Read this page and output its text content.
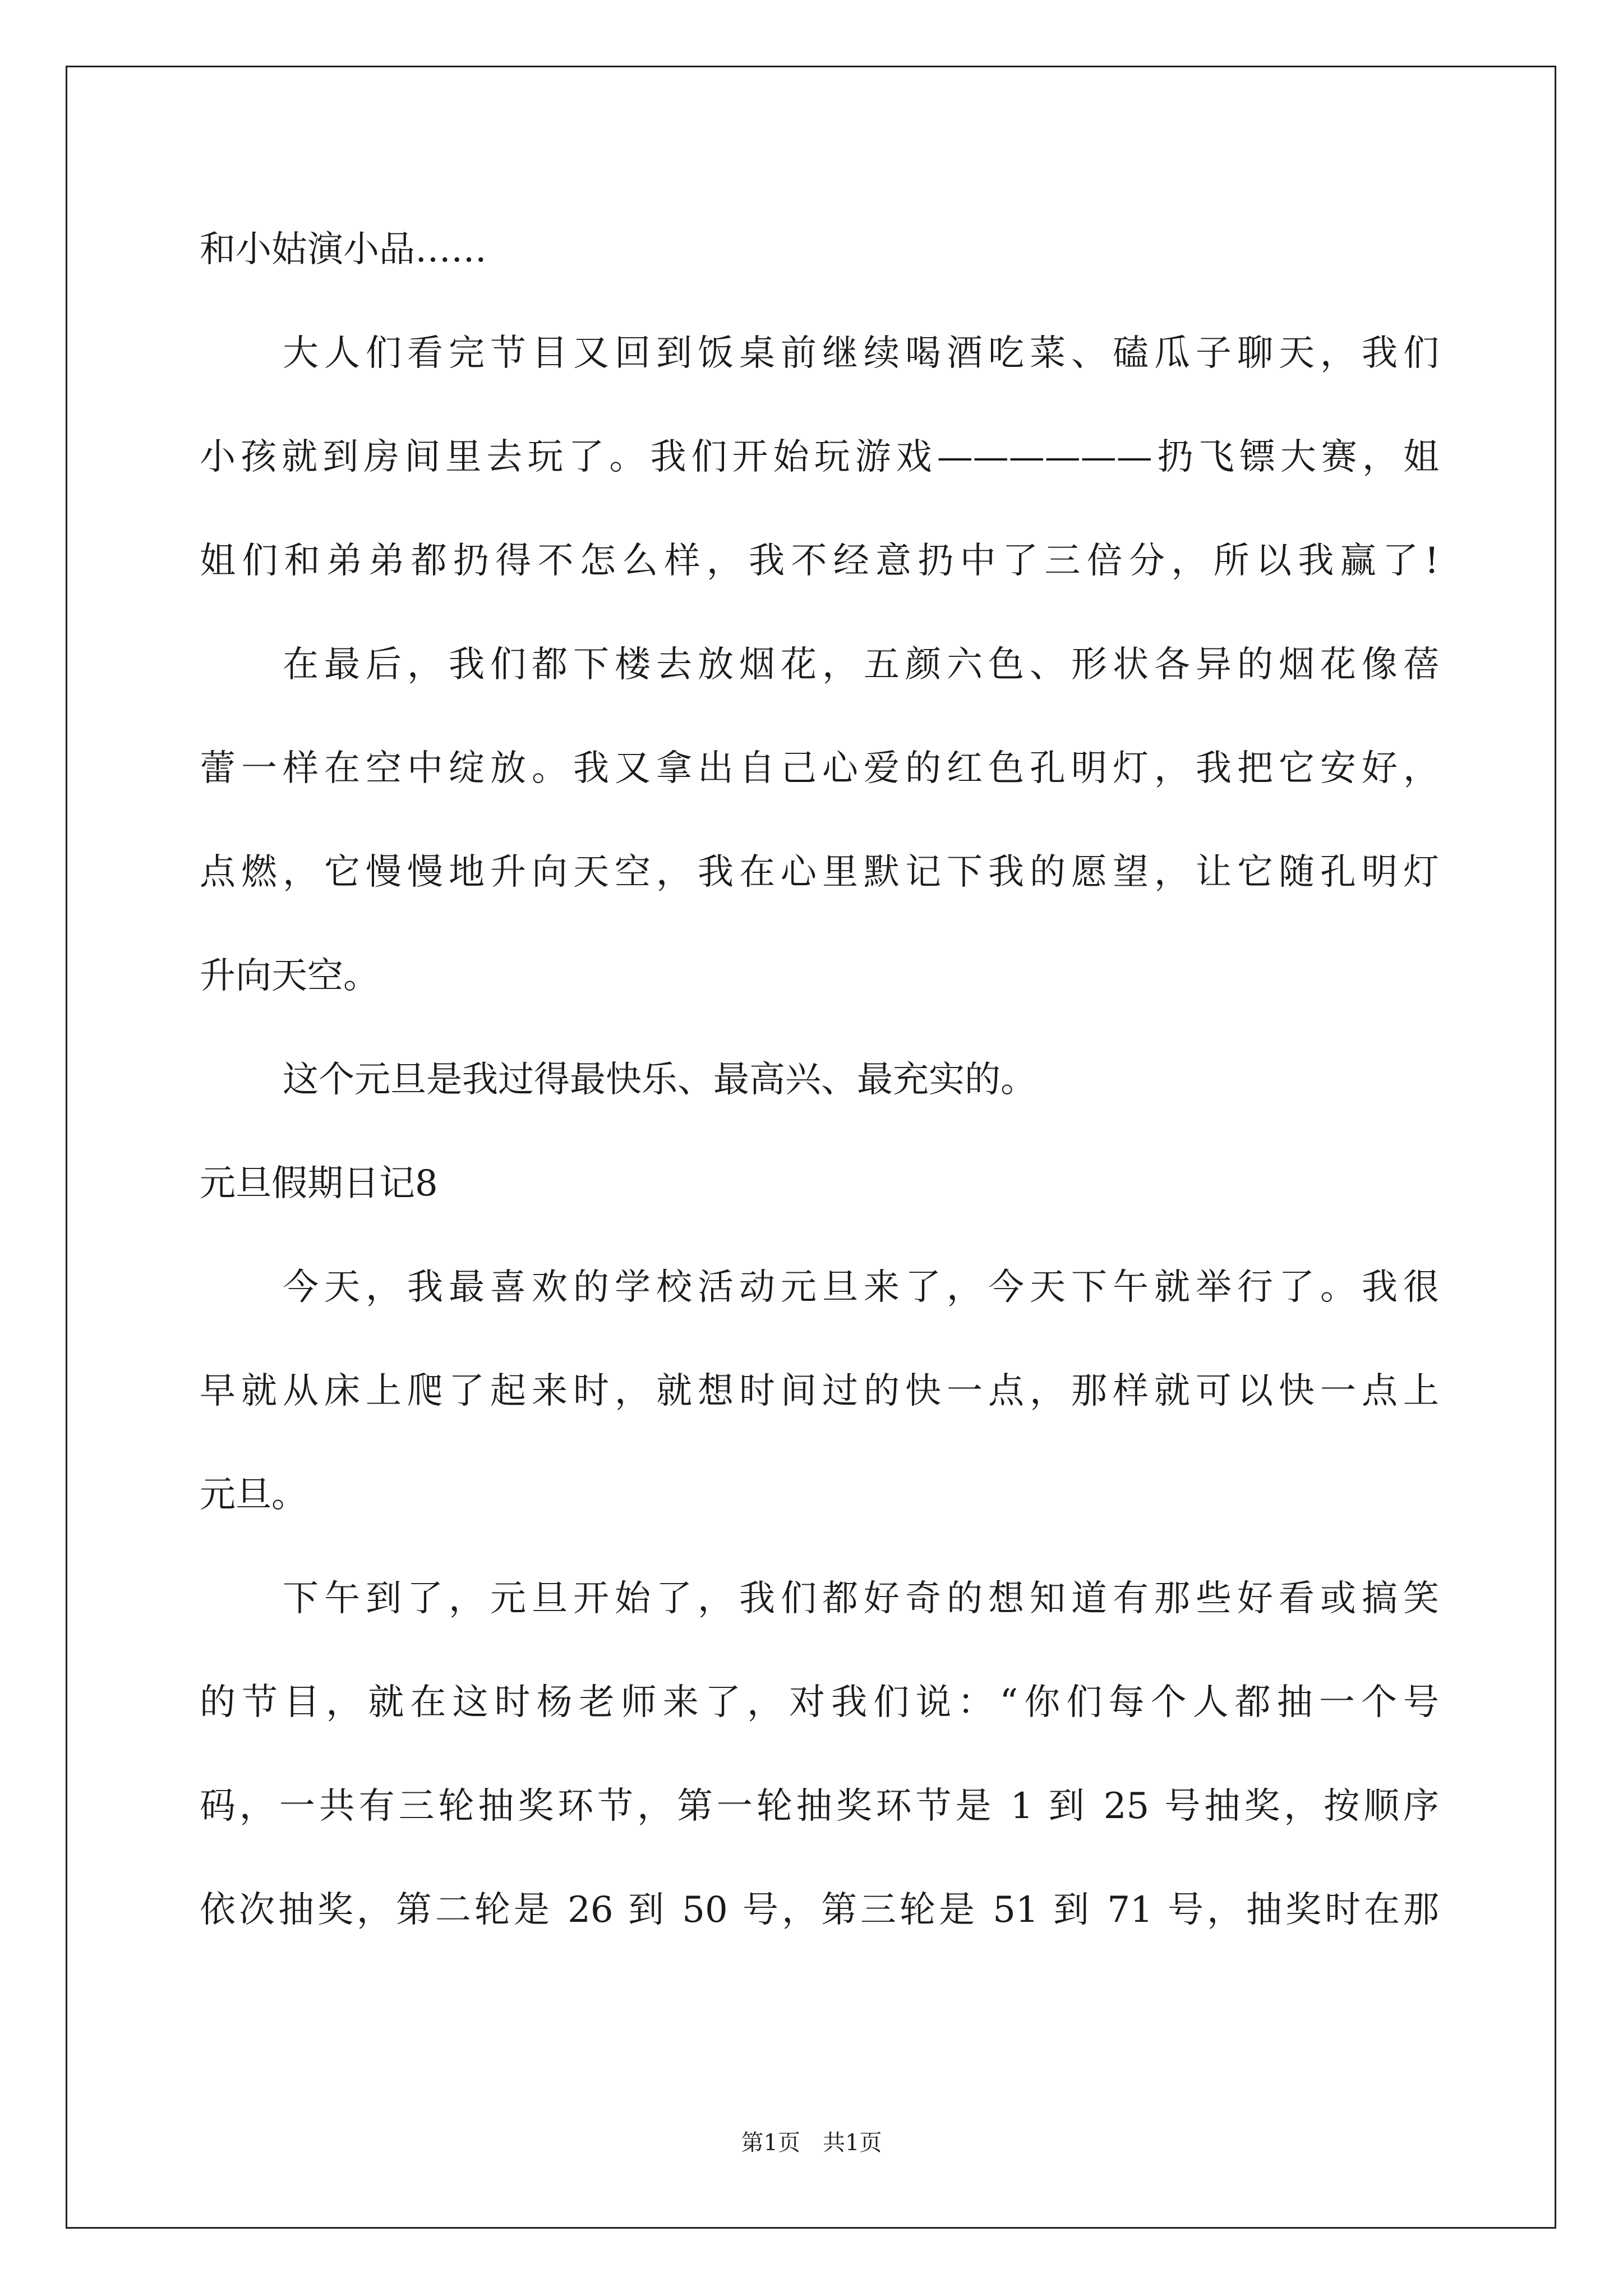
和小姑演小品……
大人们看完节目又回到饭桌前继续喝酒吃菜、磕瓜子聊天，我们
小孩就到房间里去玩了。我们开始玩游戏——————扔飞镖大赛，姐
姐们和弟弟都扔得不怎么样，我不经意扔中了三倍分，所以我赢了!
在最后，我们都下楼去放烟花，五颜六色、形状各异的烟花像蓓
蕾一样在空中绽放。我又拿出自己心爱的红色孔明灯，我把它安好，
点燃，它慢慢地升向天空，我在心里默记下我的愿望，让它随孔明灯
升向天空。
这个元旦是我过得最快乐、最高兴、最充实的。
元旦假期日记8
今天，我最喜欢的学校活动元旦来了，今天下午就举行了。我很
早就从床上爬了起来时，就想时间过的快一点，那样就可以快一点上
元旦。
下午到了，元旦开始了，我们都好奇的想知道有那些好看或搞笑
的节目，就在这时杨老师来了，对我们说：“你们每个人都抽一个号
码，一共有三轮抽奖环节，第一轮抽奖环节是 1 到 25 号抽奖，按顺序
依次抽奖，第二轮是 26 到 50 号，第三轮是 51 到 71 号，抽奖时在那
第1页　共1页
